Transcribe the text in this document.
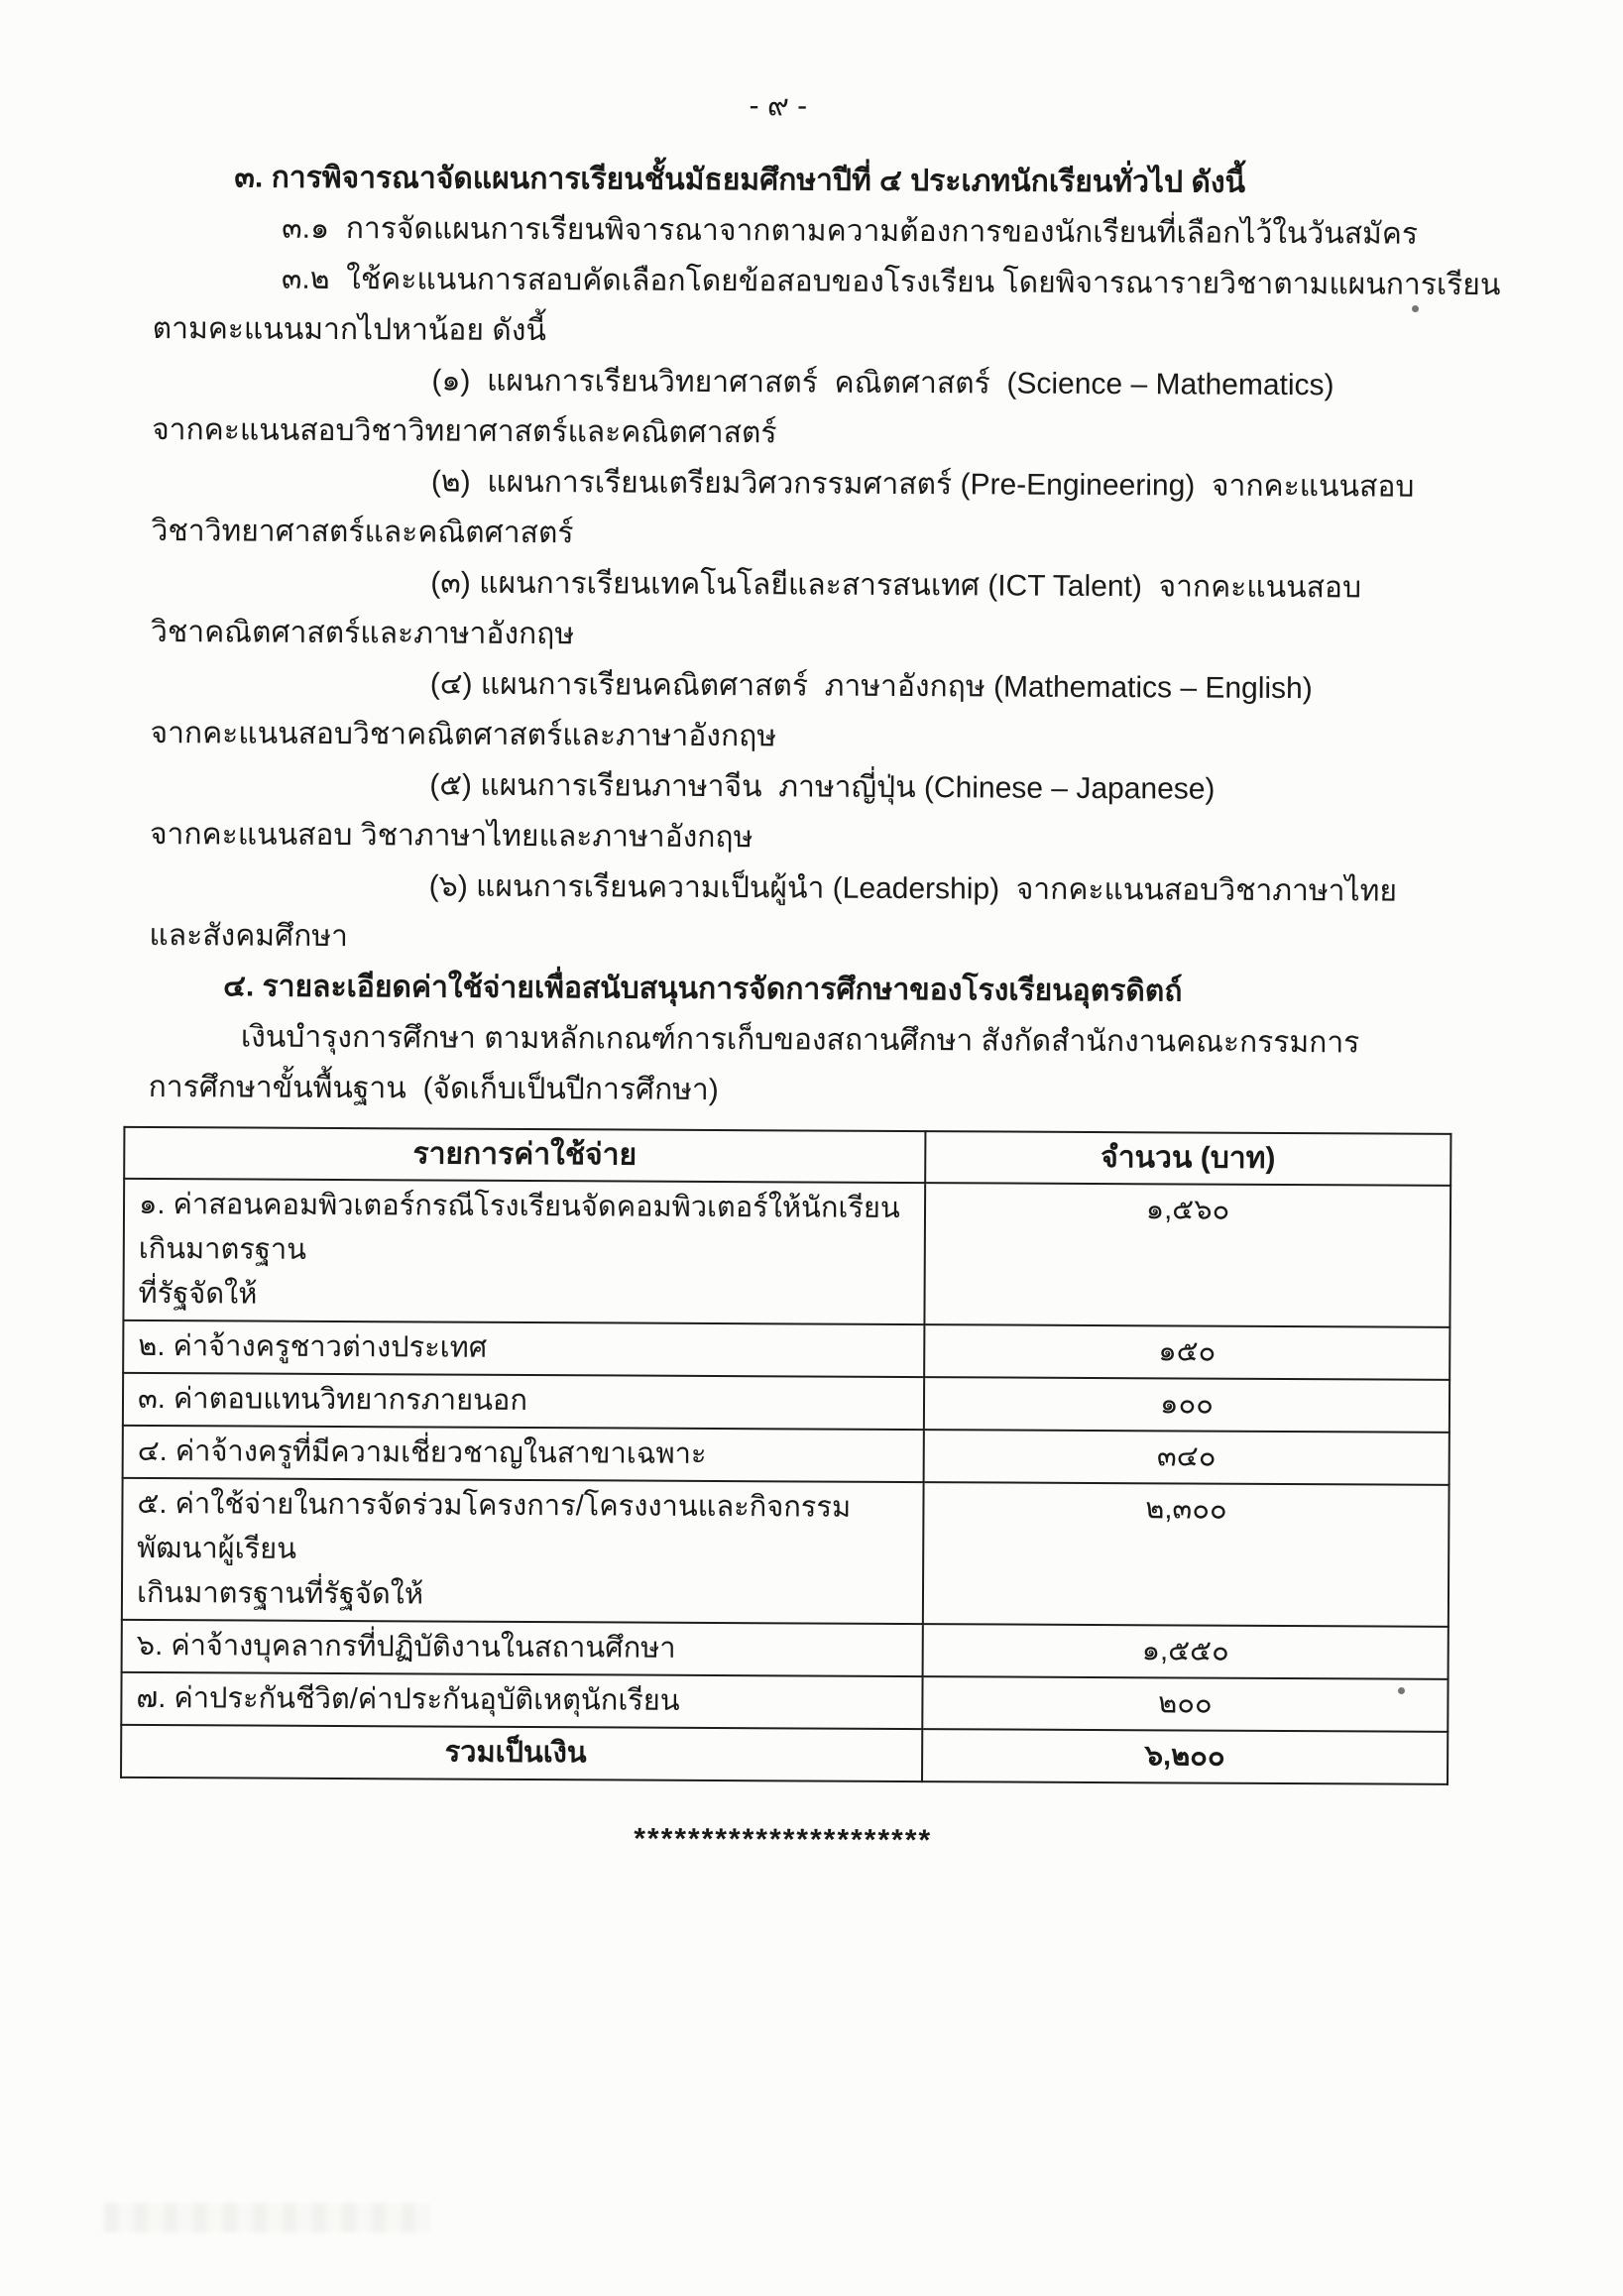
- ๙ -
๓. การพิจารณาจัดแผนการเรียนชั้นมัธยมศึกษาปีที่ ๔ ประเภทนักเรียนทั่วไป ดังนี้
๓.๑  การจัดแผนการเรียนพิจารณาจากตามความต้องการของนักเรียนที่เลือกไว้ในวันสมัคร
๓.๒  ใช้คะแนนการสอบคัดเลือกโดยข้อสอบของโรงเรียน โดยพิจารณารายวิชาตามแผนการเรียน
ตามคะแนนมากไปหาน้อย ดังนี้
(๑)  แผนการเรียนวิทยาศาสตร์  คณิตศาสตร์  (Science – Mathematics)
จากคะแนนสอบวิชาวิทยาศาสตร์และคณิตศาสตร์
(๒)  แผนการเรียนเตรียมวิศวกรรมศาสตร์ (Pre-Engineering)  จากคะแนนสอบ
วิชาวิทยาศาสตร์และคณิตศาสตร์
(๓) แผนการเรียนเทคโนโลยีและสารสนเทศ (ICT Talent)  จากคะแนนสอบ
วิชาคณิตศาสตร์และภาษาอังกฤษ
(๔) แผนการเรียนคณิตศาสตร์  ภาษาอังกฤษ (Mathematics – English)
จากคะแนนสอบวิชาคณิตศาสตร์และภาษาอังกฤษ
(๕) แผนการเรียนภาษาจีน  ภาษาญี่ปุ่น (Chinese – Japanese)
จากคะแนนสอบ วิชาภาษาไทยและภาษาอังกฤษ
(๖) แผนการเรียนความเป็นผู้นำ (Leadership)  จากคะแนนสอบวิชาภาษาไทย
และสังคมศึกษา
๔. รายละเอียดค่าใช้จ่ายเพื่อสนับสนุนการจัดการศึกษาของโรงเรียนอุตรดิตถ์
เงินบำรุงการศึกษา ตามหลักเกณฑ์การเก็บของสถานศึกษา สังกัดสำนักงานคณะกรรมการ
การศึกษาขั้นพื้นฐาน  (จัดเก็บเป็นปีการศึกษา)
รายการค่าใช้จ่าย	จำนวน (บาท)

๑. ค่าสอนคอมพิวเตอร์กรณีโรงเรียนจัดคอมพิวเตอร์ให้นักเรียนเกินมาตรฐาน
ที่รัฐจัดให้	๑,๕๖๐

๒. ค่าจ้างครูชาวต่างประเทศ	๑๕๐

๓. ค่าตอบแทนวิทยากรภายนอก	๑๐๐

๔. ค่าจ้างครูที่มีความเชี่ยวชาญในสาขาเฉพาะ	๓๔๐

๕. ค่าใช้จ่ายในการจัดร่วมโครงการ/โครงงานและกิจกรรมพัฒนาผู้เรียน
เกินมาตรฐานที่รัฐจัดให้	๒,๓๐๐

๖. ค่าจ้างบุคลากรที่ปฏิบัติงานในสถานศึกษา	๑,๕๕๐

๗. ค่าประกันชีวิต/ค่าประกันอุบัติเหตุนักเรียน	๒๐๐
รวมเป็นเงิน	๖,๒๐๐
**********************
